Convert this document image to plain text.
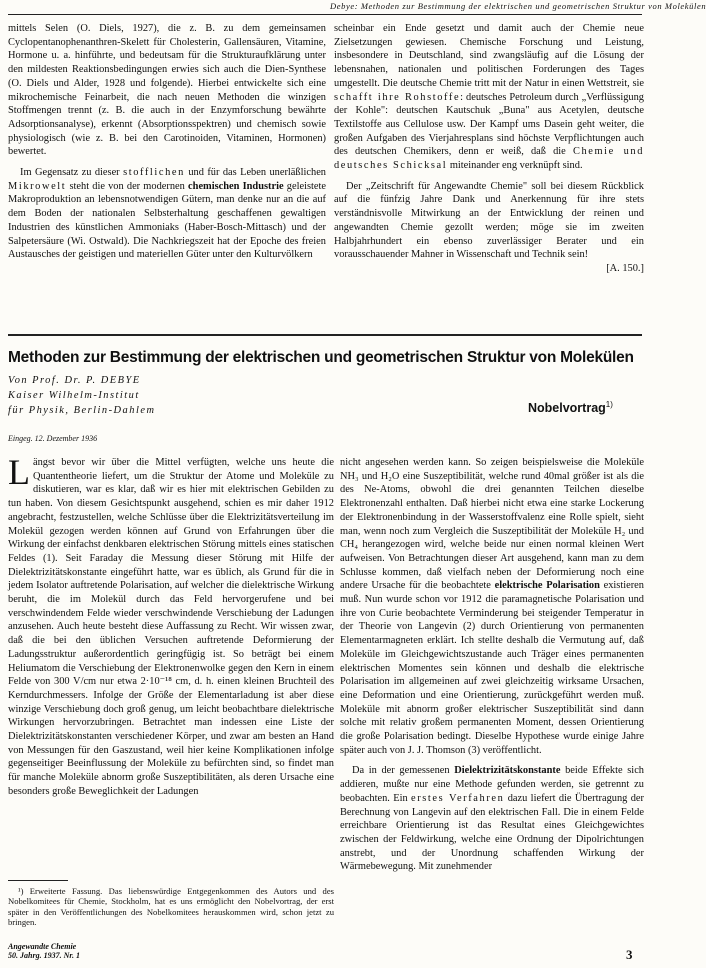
Debye: Methoden zur Bestimmung der elektrischen und geometrischen Struktur von Molekülen

mittels Selen (O. Diels, 1927), die z. B. zu dem gemeinsamen Cyclopentanophenanthren-Skelett für Cholesterin, Gallensäuren, Vitamine, Hormone u. a. hinführte, und bedeutsam für die Strukturaufklärung unter den mildesten Reaktionsbedingungen erwies sich auch die Dien-Synthese (O. Diels und Alder, 1928 und folgende). Hierbei entwickelte sich eine mikrochemische Feinarbeit, die nach neuen Methoden die winzigen Stoffmengen trennt (z. B. die auch in der Enzymforschung bewährte Adsorptionsanalyse), erkennt (Absorptionsspektren) und chemisch sowie physiologisch (wie z. B. bei den Carotinoiden, Vitaminen, Hormonen) bewertet.

Im Gegensatz zu dieser stofflichen und für das Leben unerläßlichen Mikrowelt steht die von der modernen chemischen Industrie geleistete Makroproduktion an lebensnotwendigen Gütern, man denke nur an die auf dem Boden der nationalen Selbsterhaltung geschaffenen gewaltigen Industrien des künstlichen Ammoniaks (Haber-Bosch-Mittasch) und der Salpetersäure (Wi. Ostwald). Die Nachkriegszeit hat der Epoche des freien Austausches der geistigen und materiellen Güter unter den Kulturvölkern

scheinbar ein Ende gesetzt und damit auch der Chemie neue Zielsetzungen gewiesen. Chemische Forschung und Leistung, insbesondere in Deutschland, sind zwangsläufig auf die Lösung der lebensnahen, nationalen und politischen Forderungen des Tages umgestellt. Die deutsche Chemie tritt mit der Natur in einen Wettstreit, sie schafft ihre Rohstoffe: deutsches Petroleum durch „Verflüssigung der Kohle": deutschen Kautschuk „Buna" aus Acetylen, deutsche Textilstoffe aus Cellulose usw. Der Kampf ums Dasein geht weiter, die großen Aufgaben des Vierjahresplans sind höchste Verpflichtungen auch des deutschen Chemikers, denn er weiß, daß die Chemie und deutsches Schicksal miteinander eng verknüpft sind.

Der „Zeitschrift für Angewandte Chemie" soll bei diesem Rückblick auf die fünfzig Jahre Dank und Anerkennung für ihre stets verständnisvolle Mitwirkung an der Entwicklung der reinen und angewandten Chemie gezollt werden; möge sie im zweiten Halbjahrhundert ein ebenso zuverlässiger Berater und ein vorausschauender Mahner in Wissenschaft und Technik sein!

[A. 150.]
Methoden zur Bestimmung der elektrischen und geometrischen Struktur von Molekülen
Von Prof. Dr. P. DEBYE
Kaiser Wilhelm-Institut
für Physik, Berlin-Dahlem	Nobelvortrag$^{1)}$
Eingeg. 12. Dezember 1936

Längst bevor wir über die Mittel verfügten, welche uns heute die Quantentheorie liefert, um die Struktur der Atome und Moleküle zu diskutieren, war es klar, daß wir es hier mit elektrischen Gebilden zu tun haben. Von diesem Gesichtspunkt ausgehend, schien es mir daher 1912 angebracht, festzustellen, welche Schlüsse über die Elektrizitätsverteilung im Molekül gezogen werden können auf Grund von Erfahrungen über die Wirkung der einfachst denkbaren elektrischen Störung mittels eines statischen Feldes (1). Seit Faraday die Messung dieser Störung mit Hilfe der Dielektrizitätskonstante eingeführt hatte, war es üblich, als Grund für die in jedem Isolator auftretende Polarisation, auf welcher die dielektrische Wirkung beruht, die im Molekül durch das Feld hervorgerufene und bei verschwindendem Felde wieder verschwindende Verschiebung der Ladungen anzusehen. Auch heute besteht diese Auffassung zu Recht. Wir wissen zwar, daß die bei den üblichen Versuchen auftretende Deformierung der Ladungsstruktur außerordentlich geringfügig ist. So beträgt bei einem Heliumatom die Verschiebung der Elektronenwolke gegen den Kern in einem Felde von 300 V/cm nur etwa 2·10⁻¹⁸ cm, d. h. einen kleinen Bruchteil des Kerndurchmessers. Infolge der Größe der Elementarladung ist aber diese winzige Verschiebung doch groß genug, um leicht beobachtbare dielektrische Wirkungen hervorzubringen. Betrachtet man indessen eine Liste der Dielektrizitätskonstanten verschiedener Körper, und zwar am besten an Hand von Messungen für den Gaszustand, weil hier keine Komplikationen infolge gegenseitiger Beeinflussung der Moleküle zu befürchten sind, so findet man für manche Moleküle abnorm große Suszeptibilitäten, als deren Ursache eine besonders große Beweglichkeit der Ladungen

¹) Erweiterte Fassung. Das liebenswürdige Entgegenkommen des Autors und des Nobelkomitees für Chemie, Stockholm, hat es uns ermöglicht den Nobelvortrag, der erst später in den Veröffentlichungen des Nobelkomitees herauskommen wird, schon jetzt zu bringen.

nicht angesehen werden kann. So zeigen beispielsweise die Moleküle NH₃ und H₂O eine Suszeptibilität, welche rund 40mal größer ist als die des Ne-Atoms, obwohl die drei genannten Teilchen dieselbe Elektronenzahl enthalten. Daß hierbei nicht etwa eine starke Lockerung der Elektronenbindung in der Wasserstoffvalenz eine Rolle spielt, sieht man, wenn noch zum Vergleich die Suszeptibilität der Moleküle H₂ und CH₄ herangezogen wird, welche beide nur einen normal kleinen Wert aufweisen. Von Betrachtungen dieser Art ausgehend, kann man zu dem Schlusse kommen, daß vielfach neben der Deformierung noch eine andere Ursache für die beobachtete elektrische Polarisation existieren muß. Nun wurde schon vor 1912 die paramagnetische Polarisation und ihre von Curie beobachtete Verminderung bei steigender Temperatur in der Theorie von Langevin (2) durch Orientierung von permanenten Elementarmagneten erklärt. Ich stellte deshalb die Vermutung auf, daß Moleküle im Gleichgewichtszustande auch Träger eines permanenten elektrischen Momentes sein können und deshalb die elektrische Polarisation im allgemeinen auf zwei gleichzeitig wirksame Ursachen, eine Deformation und eine Orientierung, zurückgeführt werden muß. Moleküle mit abnorm großer elektrischer Suszeptibilität sind dann solche mit relativ großem permanenten Moment, dessen Orientierung die große Polarisation bedingt. Dieselbe Hypothese wurde einige Jahre später auch von J. J. Thomson (3) veröffentlicht.

Da in der gemessenen Dielektrizitätskonstante beide Effekte sich addieren, mußte nur eine Methode gefunden werden, sie getrennt zu beobachten. Ein erstes Verfahren dazu liefert die Übertragung der Berechnung von Langevin auf den elektrischen Fall. Die in einem Felde erreichbare Orientierung ist das Resultat eines Gleichgewichtes zwischen der Feldwirkung, welche eine Ordnung der Dipolrichtungen anstrebt, und der Unordnung schaffenden Wirkung der Wärmebewegung. Mit zunehmender

Angewandte Chemie
50. Jahrg. 1937. Nr. 1	3
